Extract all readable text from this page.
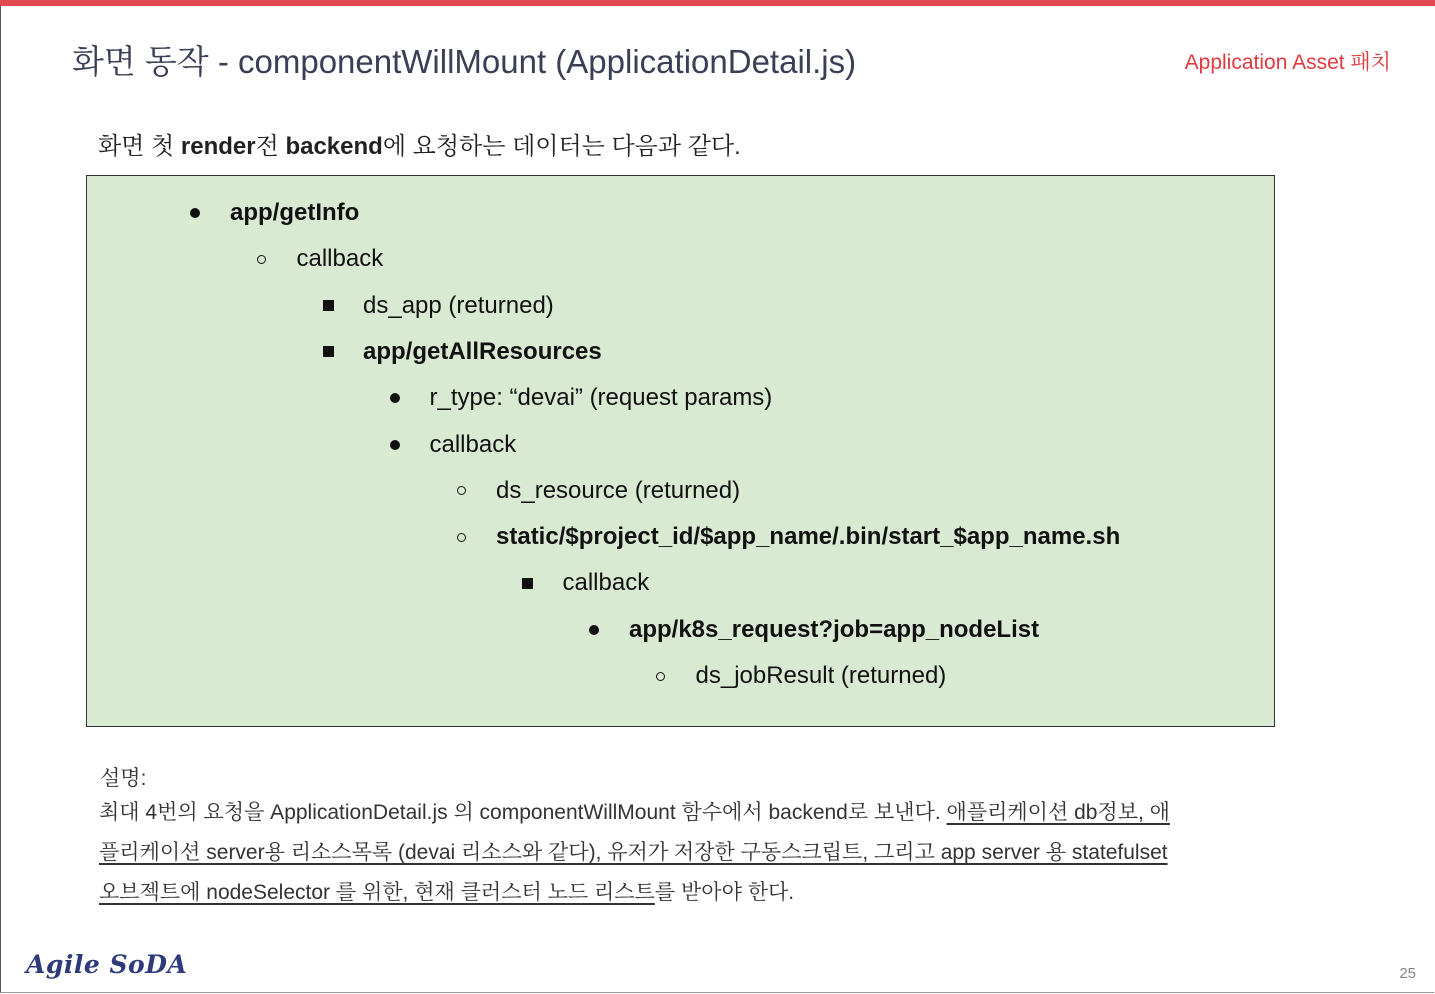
화면 동작 - componentWillMount (ApplicationDetail.js)	Application Asset 패치
화면 첫 render전 backend에 요청하는 데이터는 다음과 같다.
app/getInfo
callback
ds_app (returned)
app/getAllResources
r_type: “devai” (request params)
callback
ds_resource (returned)
static/$project_id/$app_name/.bin/start_$app_name.sh
callback
app/k8s_request?job=app_nodeList
ds_jobResult (returned)
설명:
최대 4번의 요청을 ApplicationDetail.js 의 componentWillMount 함수에서 backend로 보낸다. 애플리케이션 db정보, 애
플리케이션 server용 리소스목록 (devai 리소스와 같다), 유저가 저장한 구동스크립트, 그리고 app server 용 statefulset
오브젝트에 nodeSelector 를 위한, 현재 클러스터 노드 리스트를 받아야 한다.
Agile SoDA	25
